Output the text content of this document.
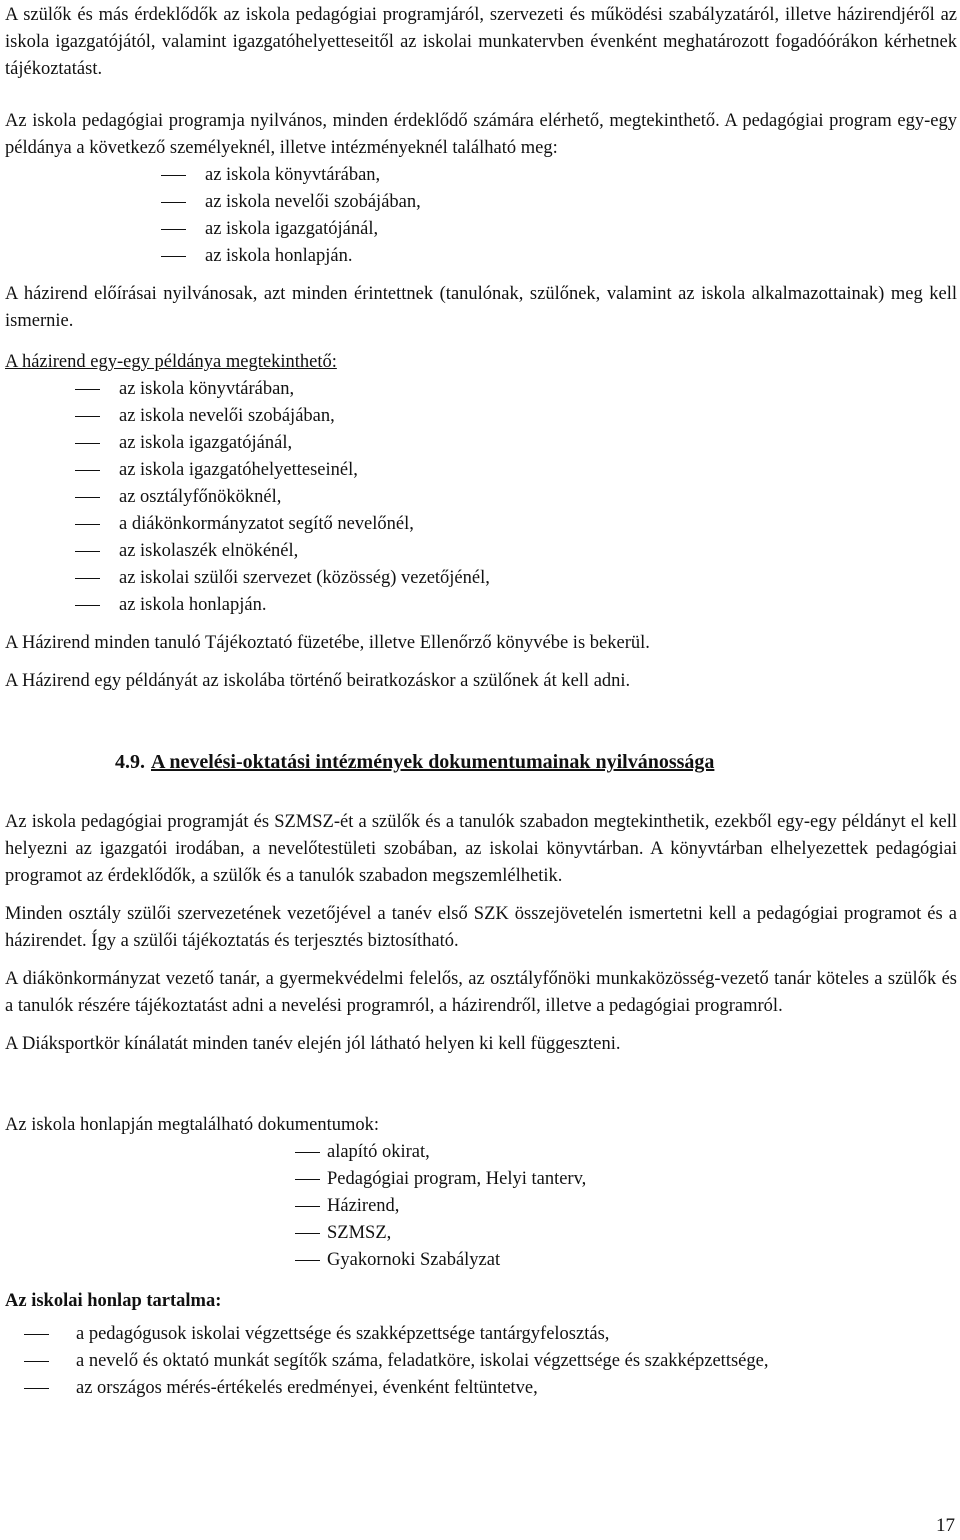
A szülők és más érdeklődők az iskola pedagógiai programjáról, szervezeti és működési szabályzatáról, illetve házirendjéről az iskola igazgatójától, valamint igazgatóhelyetteseitől az iskolai munkatervben évenként meghatározott fogadóórákon kérhetnek tájékoztatást.

Az iskola pedagógiai programja nyilvános, minden érdeklődő számára elérhető, megtekinthető. A pedagógiai program egy-egy példánya a következő személyeknél, illetve intézményeknél található meg:

az iskola könyvtárában,
az iskola nevelői szobájában,
az iskola igazgatójánál,
az iskola honlapján.

A házirend előírásai nyilvánosak, azt minden érintettnek (tanulónak, szülőnek, valamint az iskola alkalmazottainak) meg kell ismernie.

A házirend egy-egy példánya megtekinthető:

az iskola könyvtárában,
az iskola nevelői szobájában,
az iskola igazgatójánál,
az iskola igazgatóhelyetteseinél,
az osztályfőnököknél,
a diákönkormányzatot segítő nevelőnél,
az iskolaszék elnökénél,
az iskolai szülői szervezet (közösség) vezetőjénél,
az iskola honlapján.

A Házirend minden tanuló Tájékoztató füzetébe, illetve Ellenőrző könyvébe is bekerül.

A Házirend egy példányát az iskolába történő beiratkozáskor a szülőnek át kell adni.

4.9. A nevelési-oktatási intézmények dokumentumainak nyilvánossága

Az iskola pedagógiai programját és SZMSZ-ét a szülők és a tanulók szabadon megtekinthetik, ezekből egy-egy példányt el kell helyezni az igazgatói irodában, a nevelőtestületi szobában, az iskolai könyvtárban. A könyvtárban elhelyezettek pedagógiai programot az érdeklődők, a szülők és a tanulók szabadon megszemlélhetik.

Minden osztály szülői szervezetének vezetőjével a tanév első SZK összejövetelén ismertetni kell a pedagógiai programot és a házirendet. Így a szülői tájékoztatás és terjesztés biztosítható.

A diákönkormányzat vezető tanár, a gyermekvédelmi felelős, az osztályfőnöki munkaközösség-vezető tanár köteles a szülők és a tanulók részére tájékoztatást adni a nevelési programról, a házirendről, illetve a pedagógiai programról.

A Diáksportkör kínálatát minden tanév elején jól látható helyen ki kell függeszteni.

Az iskola honlapján megtalálható dokumentumok:

alapító okirat,
Pedagógiai program, Helyi tanterv,
Házirend,
SZMSZ,
Gyakornoki Szabályzat

Az iskolai honlap tartalma:

a pedagógusok iskolai végzettsége és szakképzettsége tantárgyfelosztás,
a nevelő és oktató munkát segítők száma, feladatköre, iskolai végzettsége és szakképzettsége,
az országos mérés-értékelés eredményei, évenként feltüntetve,
17
